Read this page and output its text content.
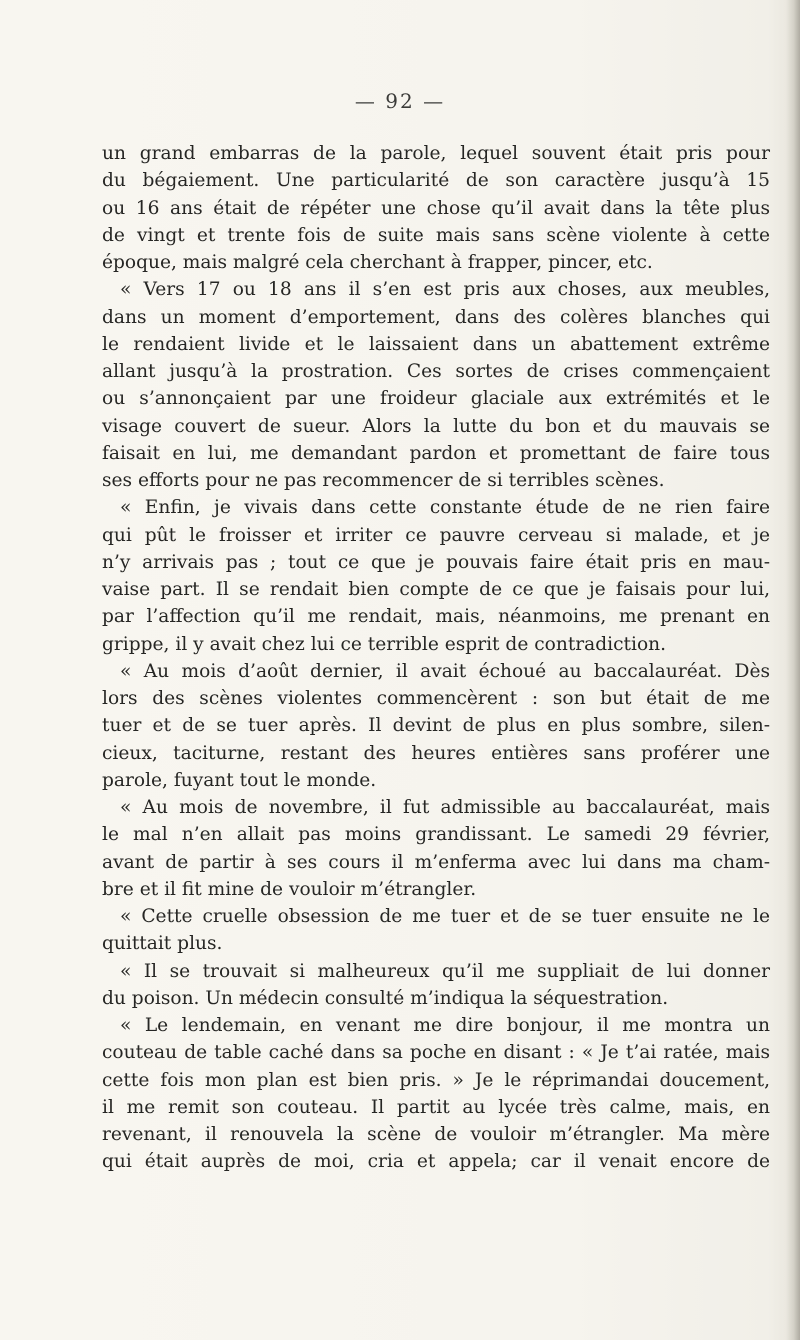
— 92 —
un grand embarras de la parole, lequel souvent était pris pour
du bégaiement. Une particularité de son caractère jusqu’à 15
ou 16 ans était de répéter une chose qu’il avait dans la tête plus
de vingt et trente fois de suite mais sans scène violente à cette
époque, mais malgré cela cherchant à frapper, pincer, etc.
« Vers 17 ou 18 ans il s’en est pris aux choses, aux meubles,
dans un moment d’emportement, dans des colères blanches qui
le rendaient livide et le laissaient dans un abattement extrême
allant jusqu’à la prostration. Ces sortes de crises commençaient
ou s’annonçaient par une froideur glaciale aux extrémités et le
visage couvert de sueur. Alors la lutte du bon et du mauvais se
faisait en lui, me demandant pardon et promettant de faire tous
ses efforts pour ne pas recommencer de si terribles scènes.
« Enfin, je vivais dans cette constante étude de ne rien faire
qui pût le froisser et irriter ce pauvre cerveau si malade, et je
n’y arrivais pas ; tout ce que je pouvais faire était pris en mau-
vaise part. Il se rendait bien compte de ce que je faisais pour lui,
par l’affection qu’il me rendait, mais, néanmoins, me prenant en
grippe, il y avait chez lui ce terrible esprit de contradiction.
« Au mois d’août dernier, il avait échoué au baccalauréat. Dès
lors des scènes violentes commencèrent : son but était de me
tuer et de se tuer après. Il devint de plus en plus sombre, silen-
cieux, taciturne, restant des heures entières sans proférer une
parole, fuyant tout le monde.
« Au mois de novembre, il fut admissible au baccalauréat, mais
le mal n’en allait pas moins grandissant. Le samedi 29 février,
avant de partir à ses cours il m’enferma avec lui dans ma cham-
bre et il fit mine de vouloir m’étrangler.
« Cette cruelle obsession de me tuer et de se tuer ensuite ne le
quittait plus.
« Il se trouvait si malheureux qu’il me suppliait de lui donner
du poison. Un médecin consulté m’indiqua la séquestration.
« Le lendemain, en venant me dire bonjour, il me montra un
couteau de table caché dans sa poche en disant : « Je t’ai ratée, mais
cette fois mon plan est bien pris. » Je le réprimandai doucement,
il me remit son couteau. Il partit au lycée très calme, mais, en
revenant, il renouvela la scène de vouloir m’étrangler. Ma mère
qui était auprès de moi, cria et appela; car il venait encore de
